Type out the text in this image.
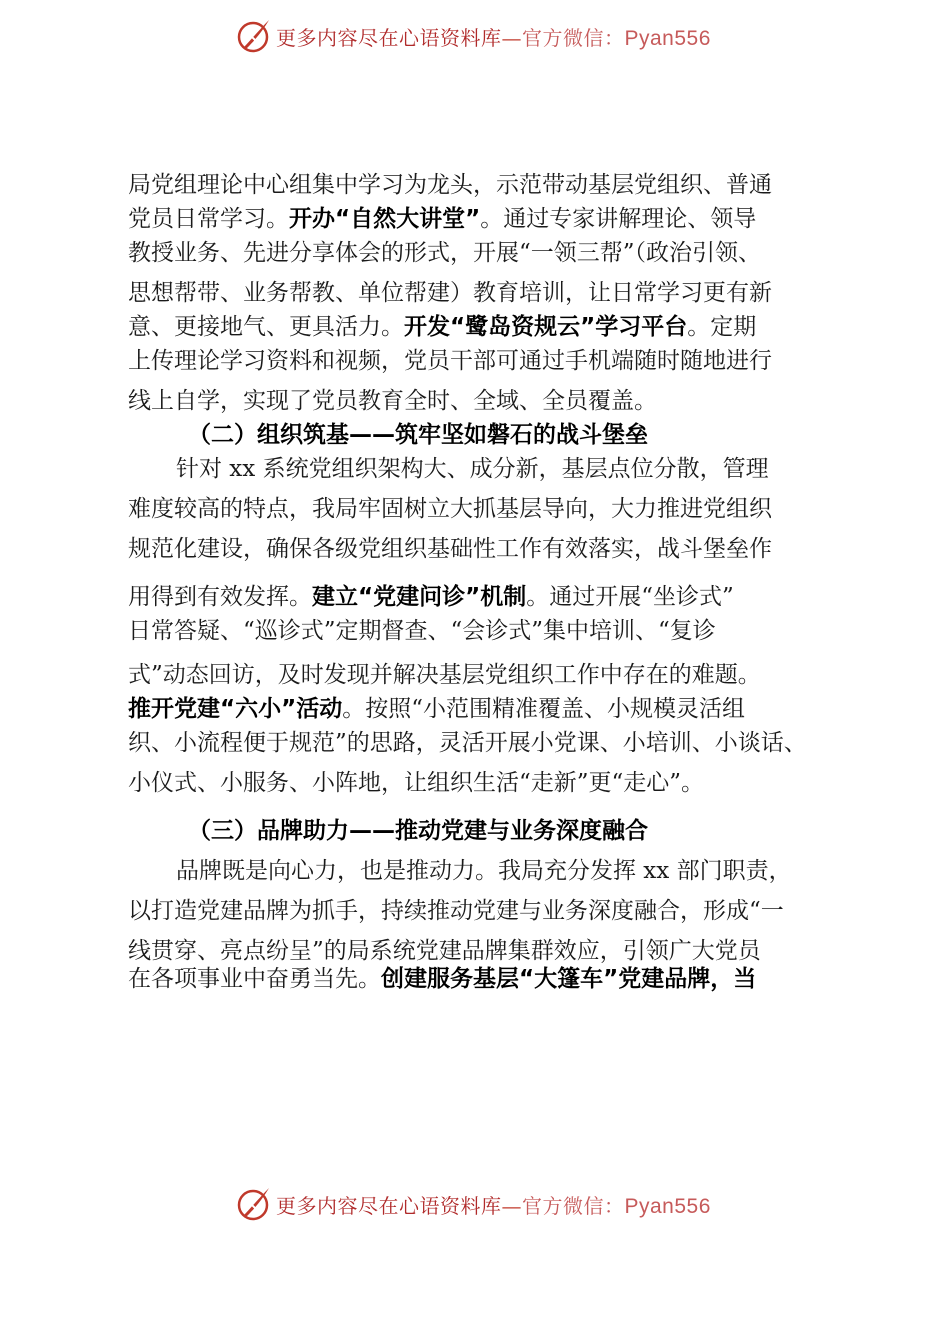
更多内容尽在心语资料库—官方微信：Pyan556
局党组理论中心组集中学习为龙头，示范带动基层党组织、普通
党员日常学习。开办“自然大讲堂”。通过专家讲解理论、领导
教授业务、先进分享体会的形式，开展“一领三帮”（政治引领、
思想帮带、业务帮教、单位帮建）教育培训，让日常学习更有新
意、更接地气、更具活力。开发“鹭岛资规云”学习平台。定期
上传理论学习资料和视频，党员干部可通过手机端随时随地进行
线上自学，实现了党员教育全时、全域、全员覆盖。
（二）组织筑基——筑牢坚如磐石的战斗堡垒
针对 xx 系统党组织架构大、成分新，基层点位分散，管理
难度较高的特点，我局牢固树立大抓基层导向，大力推进党组织
规范化建设，确保各级党组织基础性工作有效落实，战斗堡垒作
用得到有效发挥。建立“党建问诊”机制。通过开展“坐诊式”
日常答疑、“巡诊式”定期督查、“会诊式”集中培训、“复诊
式”动态回访，及时发现并解决基层党组织工作中存在的难题。
推开党建“六小”活动。按照“小范围精准覆盖、小规模灵活组
织、小流程便于规范”的思路，灵活开展小党课、小培训、小谈话、
小仪式、小服务、小阵地，让组织生活“走新”更“走心”。
（三）品牌助力——推动党建与业务深度融合
品牌既是向心力，也是推动力。我局充分发挥 xx 部门职责，
以打造党建品牌为抓手，持续推动党建与业务深度融合，形成“一
线贯穿、亮点纷呈”的局系统党建品牌集群效应，引领广大党员
在各项事业中奋勇当先。创建服务基层“大篷车”党建品牌，当
更多内容尽在心语资料库—官方微信：Pyan556
